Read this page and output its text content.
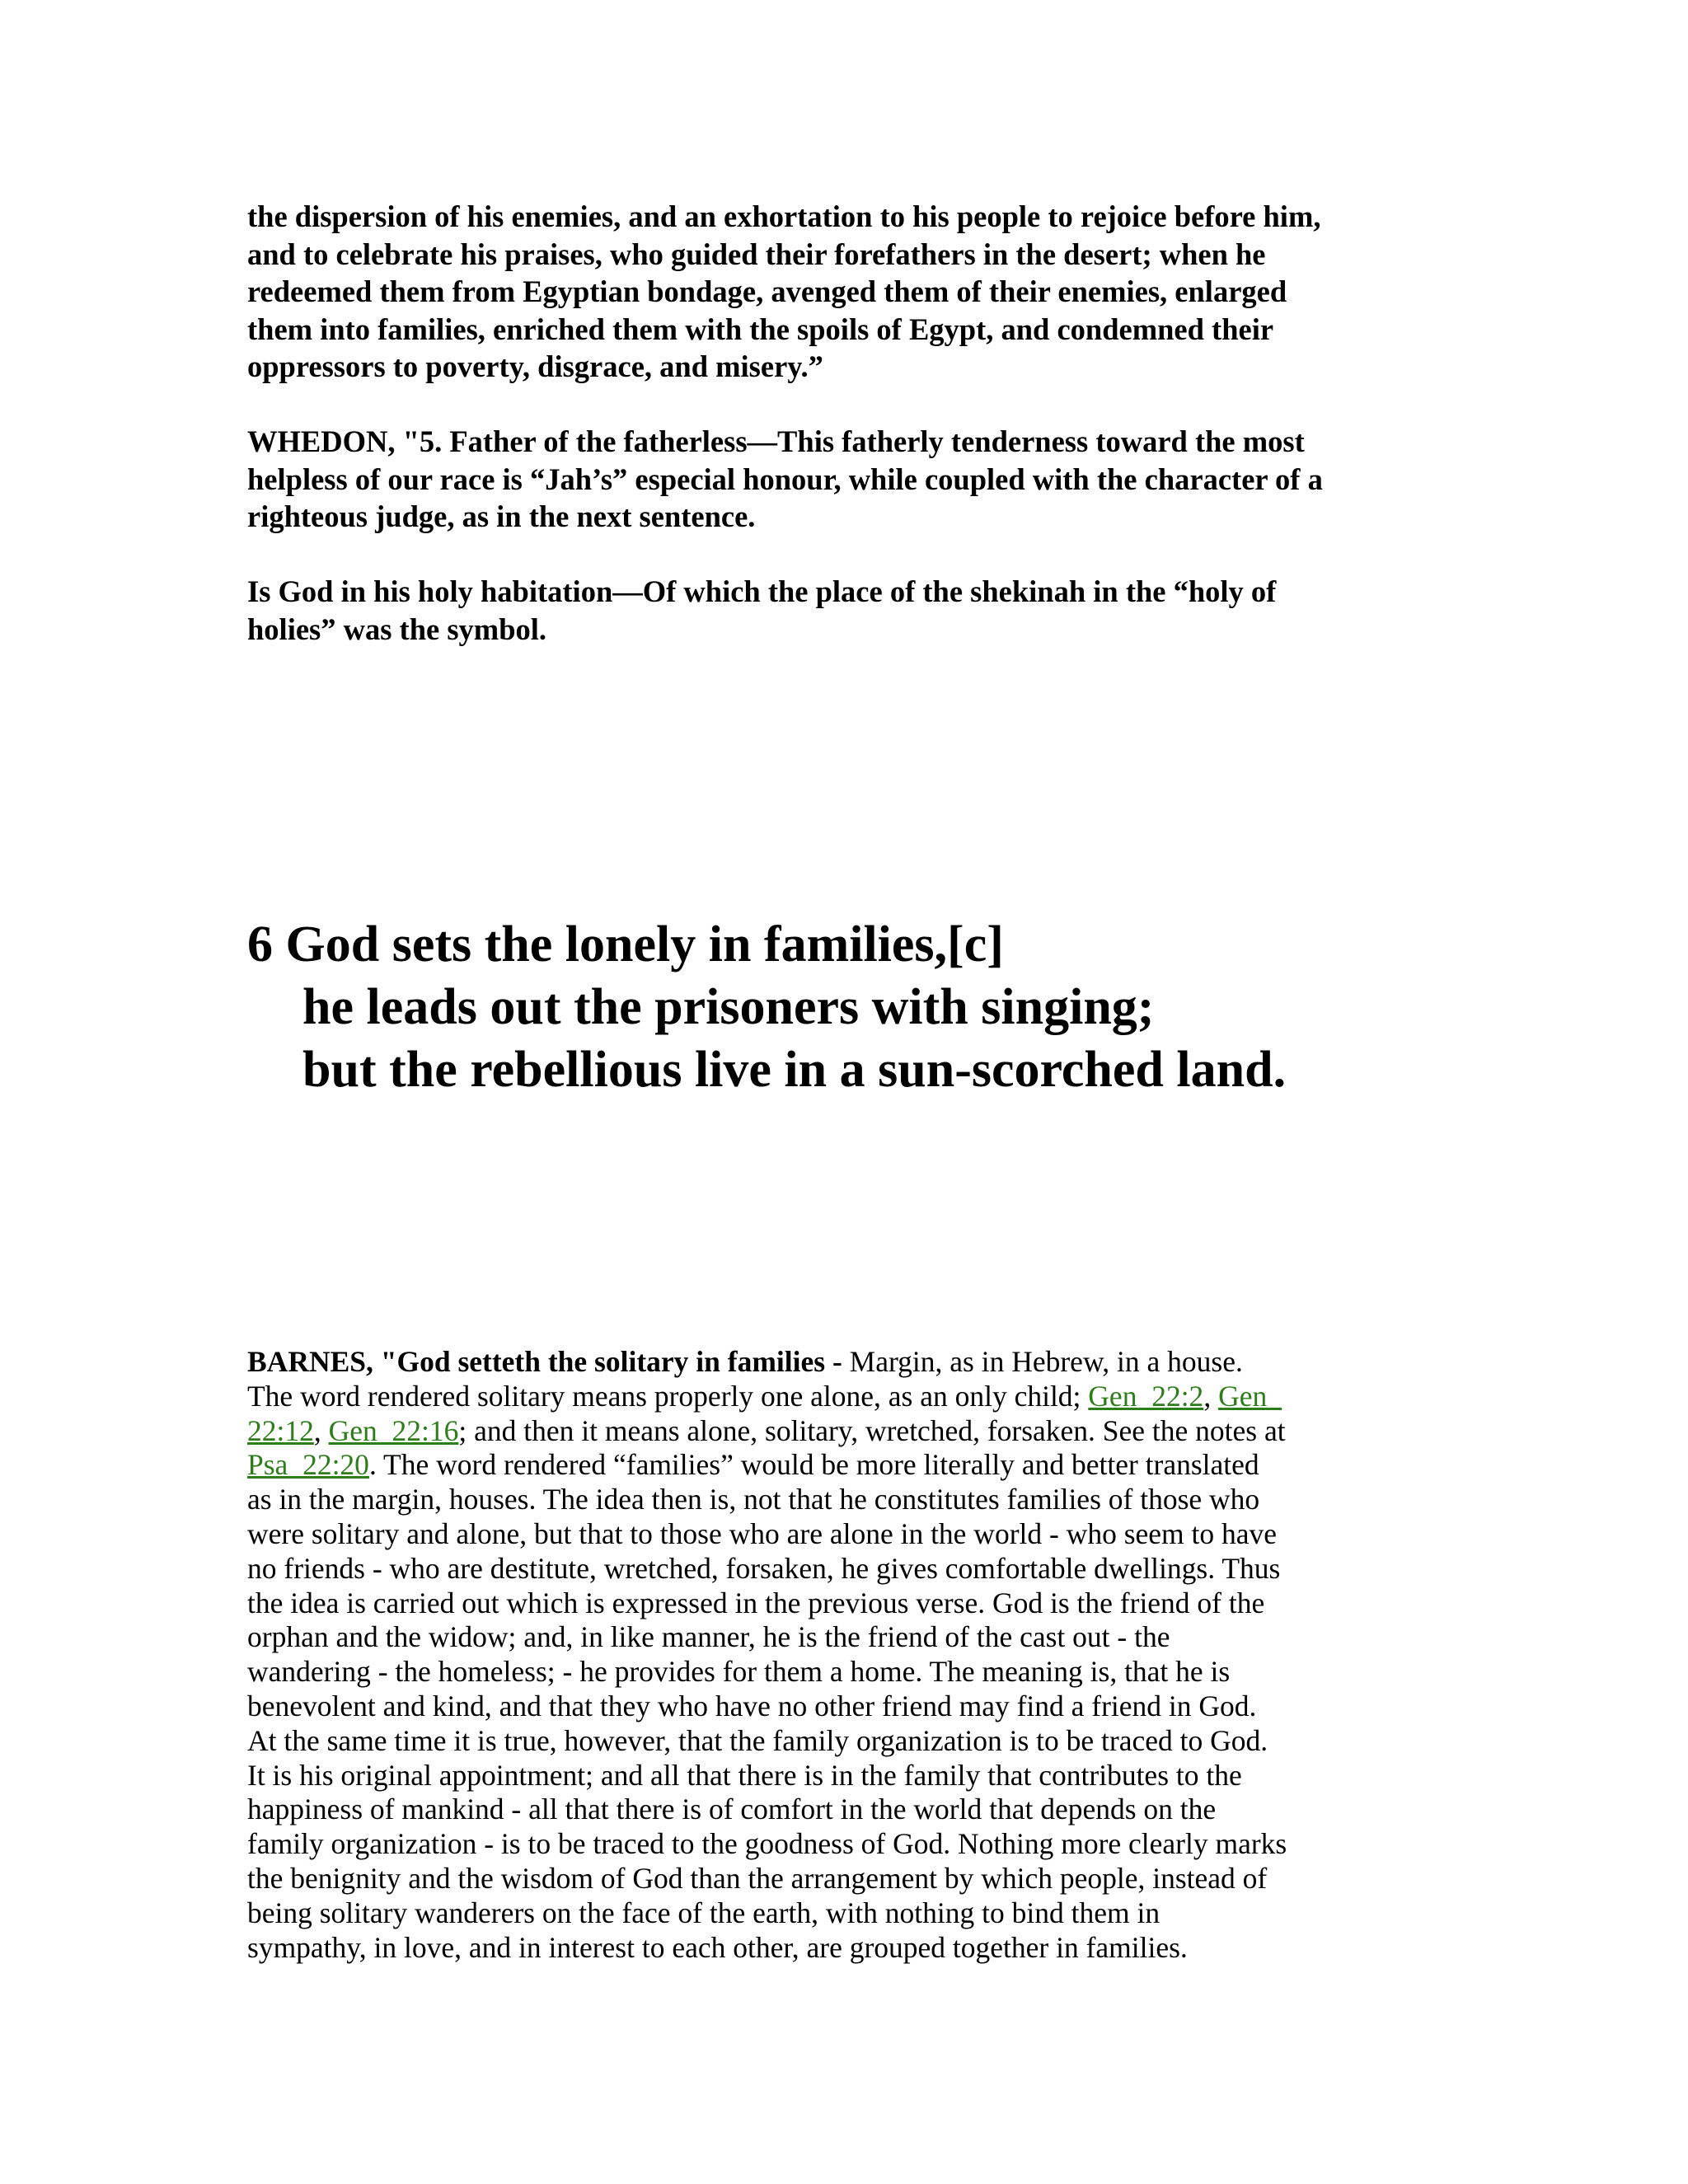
the dispersion of his enemies, and an exhortation to his people to rejoice before him,
and to celebrate his praises, who guided their forefathers in the desert; when he
redeemed them from Egyptian bondage, avenged them of their enemies, enlarged
them into families, enriched them with the spoils of Egypt, and condemned their
oppressors to poverty, disgrace, and misery.”

WHEDON, "5. Father of the fatherless—This fatherly tenderness toward the most
helpless of our race is “Jah’s” especial honour, while coupled with the character of a
righteous judge, as in the next sentence.

Is God in his holy habitation—Of which the place of the shekinah in the “holy of
holies” was the symbol.

6 God sets the lonely in families,[c]
he leads out the prisoners with singing;
but the rebellious live in a sun-scorched land.

BARNES, "God setteth the solitary in families - Margin, as in Hebrew, in a house.
The word rendered solitary means properly one alone, as an only child; Gen_22:2, Gen_
22:12, Gen_22:16; and then it means alone, solitary, wretched, forsaken. See the notes at
Psa_22:20. The word rendered “families” would be more literally and better translated
as in the margin, houses. The idea then is, not that he constitutes families of those who
were solitary and alone, but that to those who are alone in the world - who seem to have
no friends - who are destitute, wretched, forsaken, he gives comfortable dwellings. Thus
the idea is carried out which is expressed in the previous verse. God is the friend of the
orphan and the widow; and, in like manner, he is the friend of the cast out - the
wandering - the homeless; - he provides for them a home. The meaning is, that he is
benevolent and kind, and that they who have no other friend may find a friend in God.
At the same time it is true, however, that the family organization is to be traced to God.
It is his original appointment; and all that there is in the family that contributes to the
happiness of mankind - all that there is of comfort in the world that depends on the
family organization - is to be traced to the goodness of God. Nothing more clearly marks
the benignity and the wisdom of God than the arrangement by which people, instead of
being solitary wanderers on the face of the earth, with nothing to bind them in
sympathy, in love, and in interest to each other, are grouped together in families.
